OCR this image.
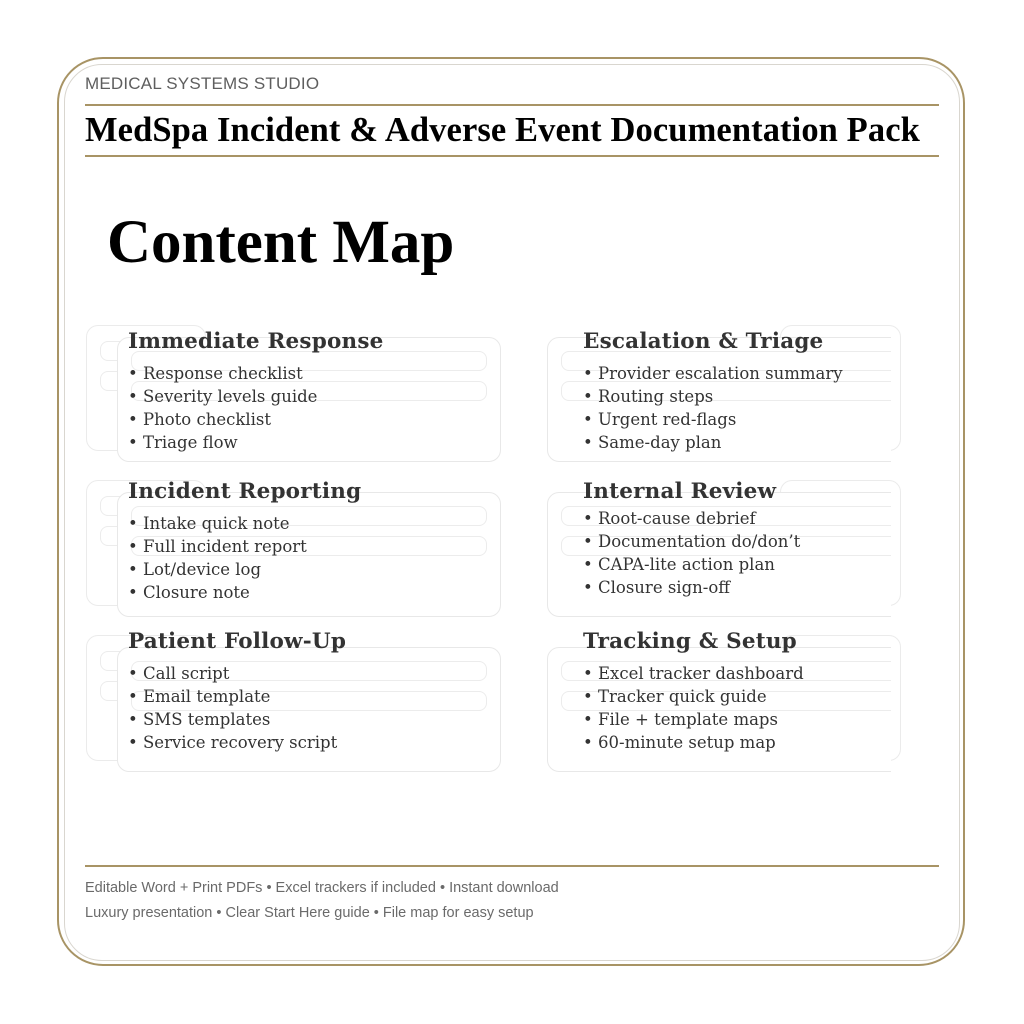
MEDICAL SYSTEMS STUDIO
MedSpa Incident & Adverse Event Documentation Pack
Content Map
Immediate Response
• Response checklist
• Severity levels guide
• Photo checklist
• Triage flow
Escalation & Triage
• Provider escalation summary
• Routing steps
• Urgent red-flags
• Same-day plan
Incident Reporting
• Intake quick note
• Full incident report
• Lot/device log
• Closure note
Internal Review
• Root-cause debrief
• Documentation do/don’t
• CAPA-lite action plan
• Closure sign-off
Patient Follow-Up
• Call script
• Email template
• SMS templates
• Service recovery script
Tracking & Setup
• Excel tracker dashboard
• Tracker quick guide
• File + template maps
• 60-minute setup map
Editable Word + Print PDFs • Excel trackers if included • Instant download
Luxury presentation • Clear Start Here guide • File map for easy setup
